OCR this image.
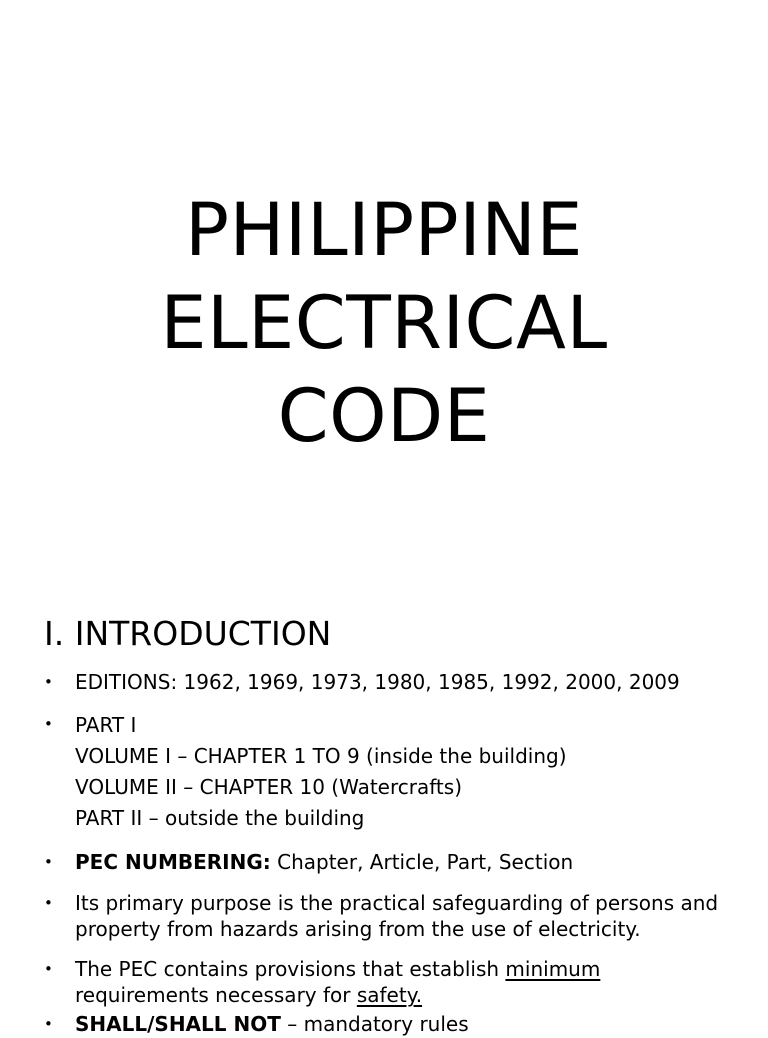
PHILIPPINE
ELECTRICAL
CODE
I. INTRODUCTION
• EDITIONS: 1962, 1969, 1973, 1980, 1985, 1992, 2000, 2009
• PART I
VOLUME I – CHAPTER 1 TO 9 (inside the building)
VOLUME II – CHAPTER 10 (Watercrafts)
PART II – outside the building
• PEC NUMBERING: Chapter, Article, Part, Section
• Its primary purpose is the practical safeguarding of persons and property from hazards arising from the use of electricity.
• The PEC contains provisions that establish minimum requirements necessary for safety.
• SHALL/SHALL NOT – mandatory rules
